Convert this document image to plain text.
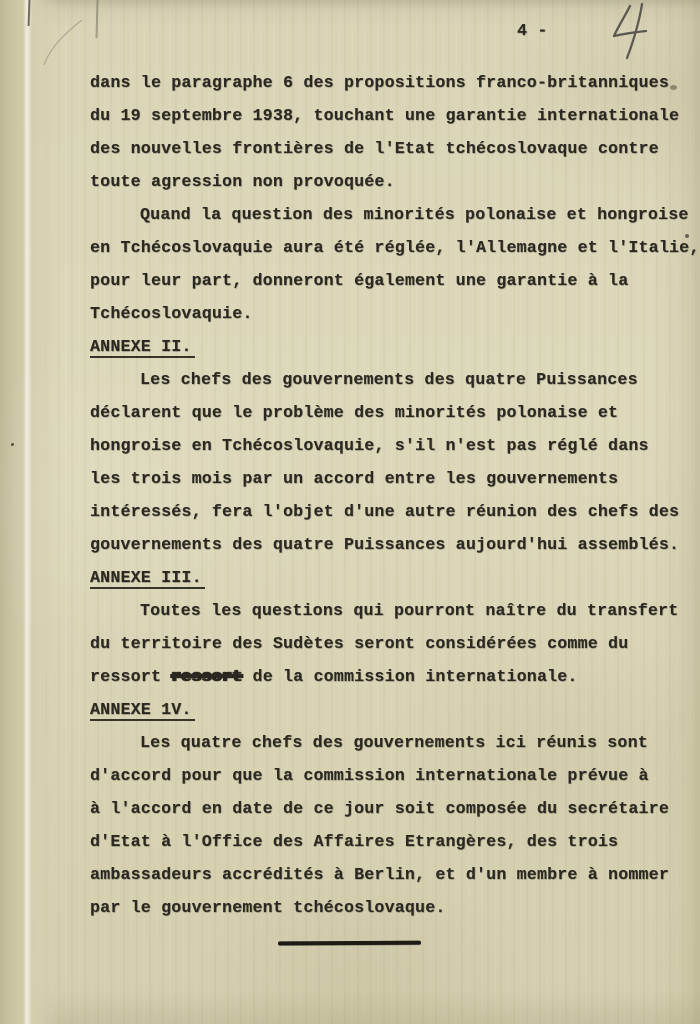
4 -
dans le paragraphe 6 des propositions franco-britanniques
du 19 septembre 1938, touchant une garantie internationale
des nouvelles frontières de l'Etat tchécoslovaque contre
toute agression non provoquée.
Quand la question des minorités polonaise et hongroise
en Tchécoslovaquie aura été réglée, l'Allemagne et l'Italie,
pour leur part, donneront également une garantie à la
Tchécoslovaquie.
ANNEXE II.
Les chefs des gouvernements des quatre Puissances
déclarent que le problème des minorités polonaise et
hongroise en Tchécoslovaquie, s'il n'est pas réglé dans
les trois mois par un accord entre les gouvernements
intéressés, fera l'objet d'une autre réunion des chefs des
gouvernements des quatre Puissances aujourd'hui assemblés.
ANNEXE III.
Toutes les questions qui pourront naître du transfert
du territoire des Sudètes seront considérées comme du
ressort ressort de la commission internationale.
ANNEXE 1V.
Les quatre chefs des gouvernements ici réunis sont
d'accord pour que la commission internationale prévue à
à l'accord en date de ce jour soit composée du secrétaire
d'Etat à l'Office des Affaires Etrangères, des trois
ambassadeurs accrédités à Berlin, et d'un membre à nommer
par le gouvernement tchécoslovaque.
